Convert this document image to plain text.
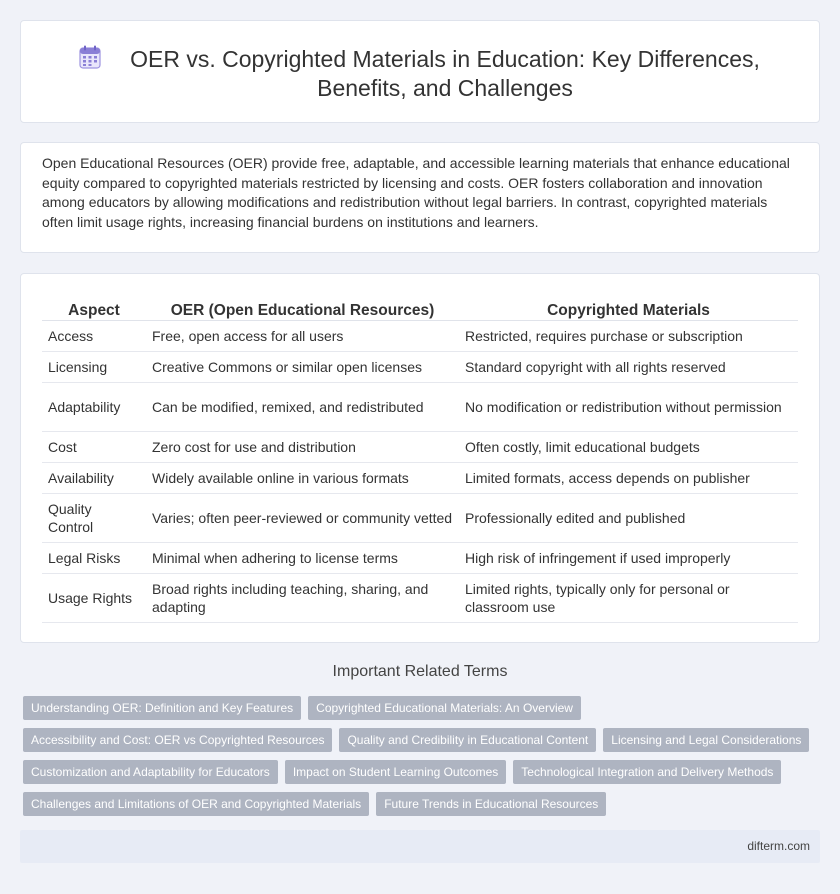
OER vs. Copyrighted Materials in Education: Key Differences, Benefits, and Challenges

Open Educational Resources (OER) provide free, adaptable, and accessible learning materials that enhance educational equity compared to copyrighted materials restricted by licensing and costs. OER fosters collaboration and innovation among educators by allowing modifications and redistribution without legal barriers. In contrast, copyrighted materials often limit usage rights, increasing financial burdens on institutions and learners.

Aspect	OER (Open Educational Resources)	Copyrighted Materials
Access	Free, open access for all users	Restricted, requires purchase or subscription
Licensing	Creative Commons or similar open licenses	Standard copyright with all rights reserved
Adaptability	Can be modified, remixed, and redistributed	No modification or redistribution without permission
Cost	Zero cost for use and distribution	Often costly, limit educational budgets
Availability	Widely available online in various formats	Limited formats, access depends on publisher
Quality Control	Varies; often peer-reviewed or community vetted	Professionally edited and published
Legal Risks	Minimal when adhering to license terms	High risk of infringement if used improperly
Usage Rights	Broad rights including teaching, sharing, and adapting	Limited rights, typically only for personal or classroom use
Important Related Terms
Understanding OER: Definition and Key Features	Copyrighted Educational Materials: An Overview
Accessibility and Cost: OER vs Copyrighted Resources	Quality and Credibility in Educational Content	Licensing and Legal Considerations
Customization and Adaptability for Educators	Impact on Student Learning Outcomes	Technological Integration and Delivery Methods
Challenges and Limitations of OER and Copyrighted Materials	Future Trends in Educational Resources
difterm.com
